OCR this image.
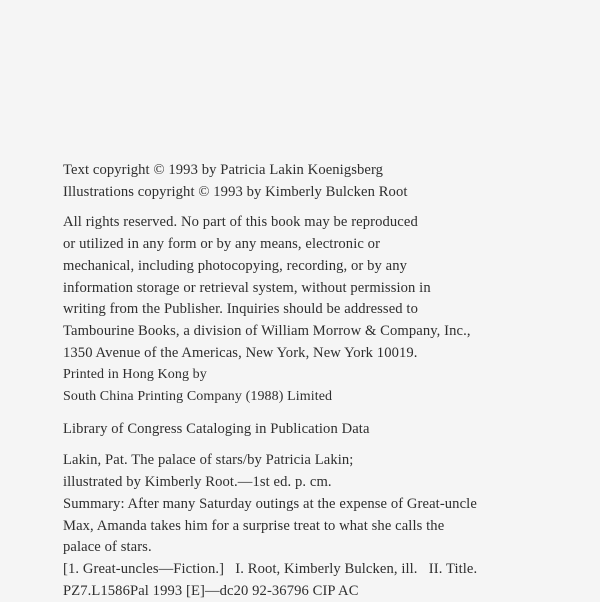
Text copyright © 1993 by Patricia Lakin Koenigsberg
Illustrations copyright © 1993 by Kimberly Bulcken Root
All rights reserved. No part of this book may be reproduced
or utilized in any form or by any means, electronic or
mechanical, including photocopying, recording, or by any
information storage or retrieval system, without permission in
writing from the Publisher. Inquiries should be addressed to
Tambourine Books, a division of William Morrow & Company, Inc.,
1350 Avenue of the Americas, New York, New York 10019.
Printed in Hong Kong by
South China Printing Company (1988) Limited
Library of Congress Cataloging in Publication Data
Lakin, Pat. The palace of stars/by Patricia Lakin;
illustrated by Kimberly Root.—1st ed. p. cm.
Summary: After many Saturday outings at the expense of Great-uncle
Max, Amanda takes him for a surprise treat to what she calls the
palace of stars.
[1. Great-uncles—Fiction.]   I. Root, Kimberly Bulcken, ill.   II. Title.
PZ7.L1586Pal 1993 [E]—dc20 92-36796 CIP AC
